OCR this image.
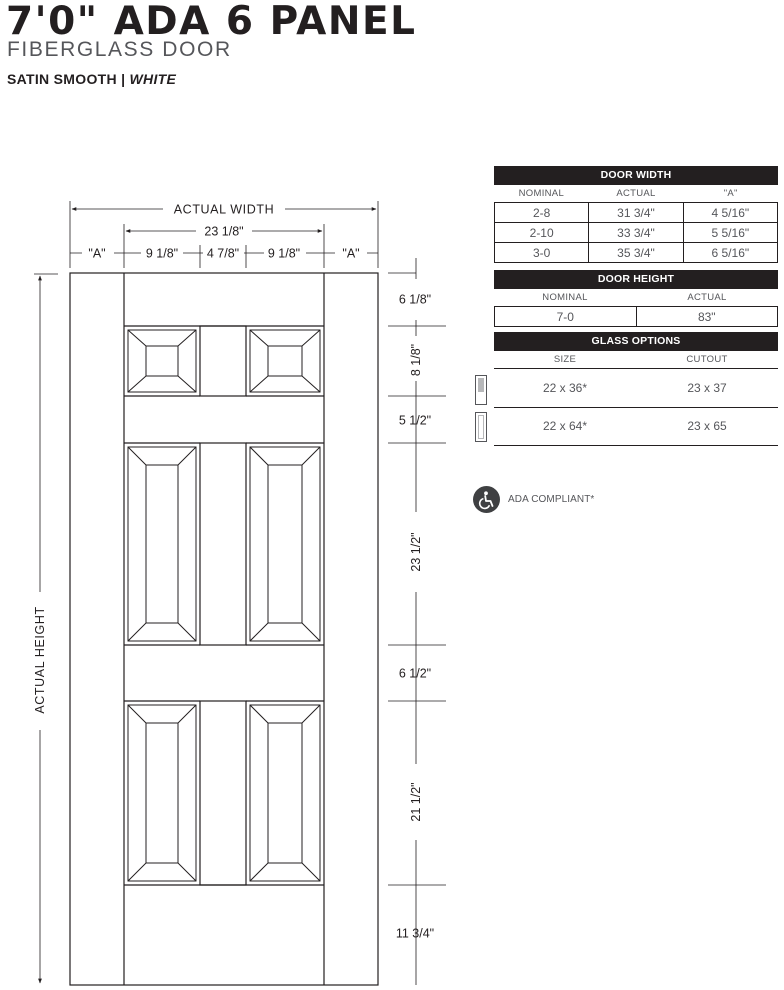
7'0" ADA 6 PANEL
FIBERGLASS DOOR
SATIN SMOOTH | WHITE
ACTUAL WIDTH
23 1/8"
"A"	9 1/8" 4 7/8" 9 1/8"	"A"
ACTUAL HEIGHT
6 1/8"
8 1/8"
5 1/2"
23 1/2"
6 1/2"
21 1/2"
11 3/4"
DOOR WIDTH
NOMINAL	ACTUAL	"A"
2-8	31 3/4"	4 5/16"
2-10	33 3/4"	5 5/16"
3-0	35 3/4"	6 5/16"
DOOR HEIGHT
NOMINAL	ACTUAL
7-0	83"
GLASS OPTIONS
SIZE	CUTOUT
22 x 36*	23 x 37
22 x 64*	23 x 65
ADA COMPLIANT*
